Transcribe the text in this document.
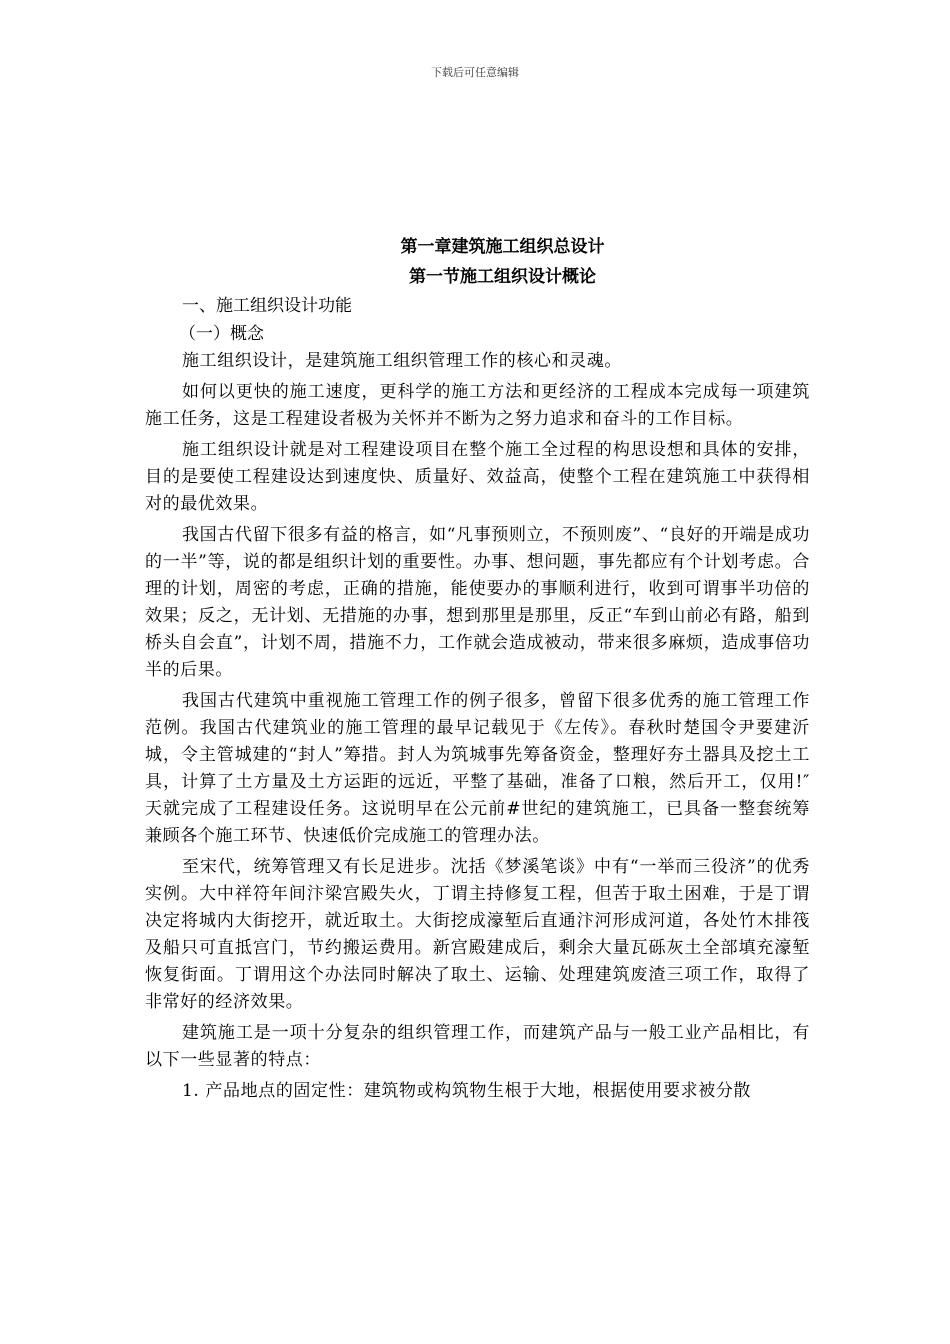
下载后可任意编辑
第一章建筑施工组织总设计
第一节施工组织设计概论
一、施工组织设计功能
（一）概念

施工组织设计，是建筑施工组织管理工作的核心和灵魂。

如何以更快的施工速度，更科学的施工方法和更经济的工程成本完成每一项建筑施工任务，这是工程建设者极为关怀并不断为之努力追求和奋斗的工作目标。

施工组织设计就是对工程建设项目在整个施工全过程的构思设想和具体的安排，目的是要使工程建设达到速度快、质量好、效益高，使整个工程在建筑施工中获得相对的最优效果。

我国古代留下很多有益的格言，如“凡事预则立，不预则废”、“良好的开端是成功的一半”等，说的都是组织计划的重要性。办事、想问题，事先都应有个计划考虑。合理的计划，周密的考虑，正确的措施，能使要办的事顺利进行，收到可谓事半功倍的效果；反之，无计划、无措施的办事，想到那里是那里，反正“车到山前必有路，船到桥头自会直”，计划不周，措施不力，工作就会造成被动，带来很多麻烦，造成事倍功半的后果。

我国古代建筑中重视施工管理工作的例子很多，曾留下很多优秀的施工管理工作范例。我国古代建筑业的施工管理的最早记载见于《左传》。春秋时楚国令尹要建沂城，令主管城建的“封人”筹措。封人为筑城事先筹备资金，整理好夯土器具及挖土工具，计算了土方量及土方运距的远近，平整了基础，准备了口粮，然后开工，仅用!″天就完成了工程建设任务。这说明早在公元前#世纪的建筑施工，已具备一整套统筹兼顾各个施工环节、快速低价完成施工的管理办法。

至宋代，统筹管理又有长足进步。沈括《梦溪笔谈》中有“一举而三役济”的优秀实例。大中祥符年间汴梁宫殿失火，丁谓主持修复工程，但苦于取土困难，于是丁谓决定将城内大街挖开，就近取土。大街挖成濠堑后直通汴河形成河道，各处竹木排筏及船只可直抵宫门，节约搬运费用。新宫殿建成后，剩余大量瓦砾灰土全部填充濠堑恢复街面。丁谓用这个办法同时解决了取土、运输、处理建筑废渣三项工作，取得了非常好的经济效果。

建筑施工是一项十分复杂的组织管理工作，而建筑产品与一般工业产品相比，有以下一些显著的特点：

1. 产品地点的固定性：建筑物或构筑物生根于大地，根据使用要求被分散
